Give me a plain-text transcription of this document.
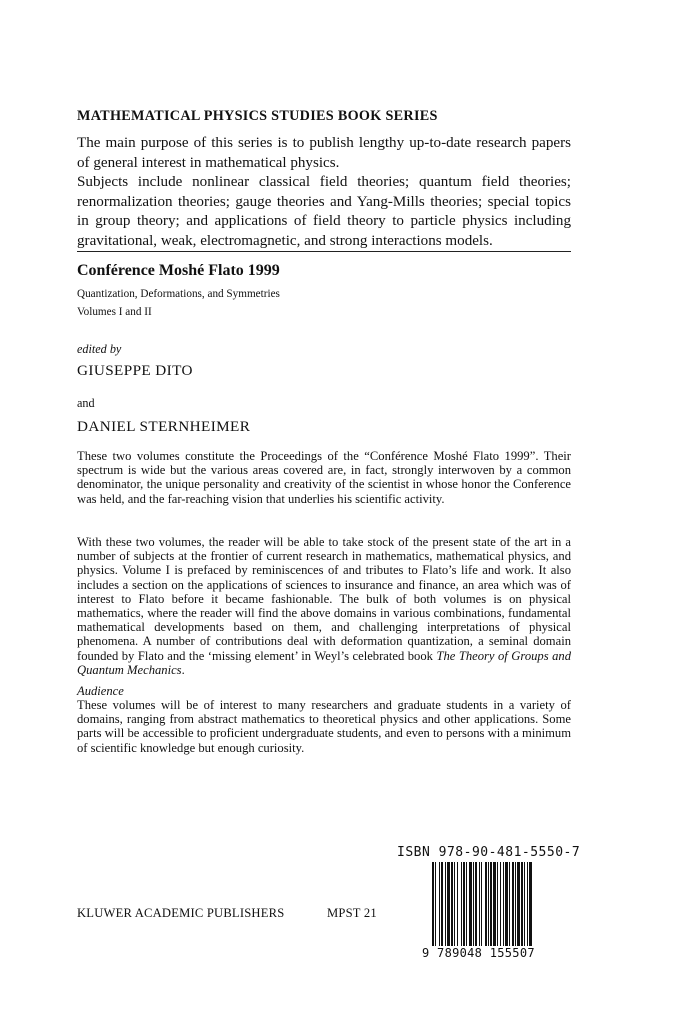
MATHEMATICAL PHYSICS STUDIES BOOK SERIES

The main purpose of this series is to publish lengthy up-to-date research papers of general interest in mathematical physics.

Subjects include nonlinear classical field theories; quantum field theories; renormalization theories; gauge theories and Yang-Mills theories; special topics in group theory; and applications of field theory to particle physics including gravitational, weak, electromagnetic, and strong interactions models.

Conférence Moshé Flato 1999
Quantization, Deformations, and Symmetries
Volumes I and II
edited by
GIUSEPPE DITO
and
DANIEL STERNHEIMER

These two volumes constitute the Proceedings of the “Conférence Moshé Flato 1999”. Their spectrum is wide but the various areas covered are, in fact, strongly interwoven by a common denominator, the unique personality and creativity of the scientist in whose honor the Conference was held, and the far-reaching vision that underlies his scientific activity.

With these two volumes, the reader will be able to take stock of the present state of the art in a number of subjects at the frontier of current research in mathematics, mathematical physics, and physics. Volume I is prefaced by reminiscences of and tributes to Flato’s life and work. It also includes a section on the applications of sciences to insurance and finance, an area which was of interest to Flato before it became fashionable. The bulk of both volumes is on physical mathematics, where the reader will find the above domains in various combinations, fundamental mathematical developments based on them, and challenging interpretations of physical phenomena. A number of contributions deal with deformation quantization, a seminal domain founded by Flato and the ‘missing element’ in Weyl’s celebrated book The Theory of Groups and Quantum Mechanics.

Audience

These volumes will be of interest to many researchers and graduate students in a variety of domains, ranging from abstract mathematics to theoretical physics and other applications. Some parts will be accessible to proficient undergraduate students, and even to persons with a minimum of scientific knowledge but enough curiosity.

KLUWER ACADEMIC PUBLISHERS	MPST 21
ISBN 978-90-481-5550-7
9 789048 155507
